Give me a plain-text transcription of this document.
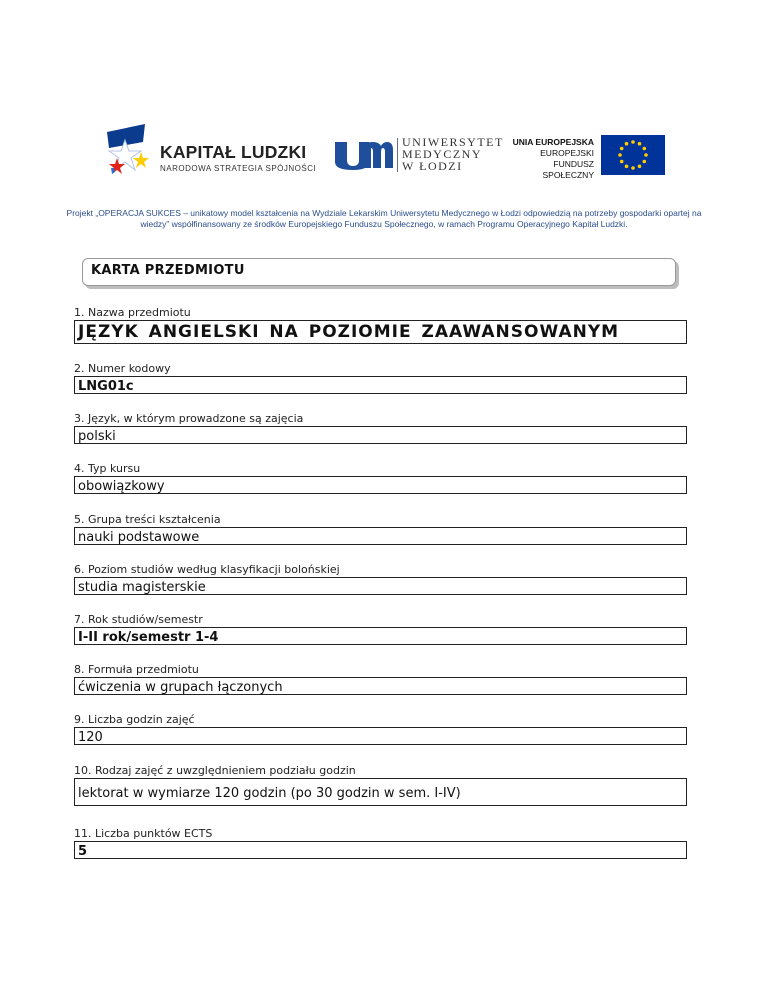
KAPITAŁ LUDZKI
NARODOWA STRATEGIA SPÓJNOŚCI
UNIWERSYTET
MEDYCZNY
W ŁODZI
UNIA EUROPEJSKA
EUROPEJSKI
FUNDUSZ SPOŁECZNY
Projekt „OPERACJA SUKCES – unikatowy model kształcenia na Wydziale Lekarskim Uniwersytetu Medycznego w Łodzi odpowiedzią na potrzeby gospodarki opartej na wiedzy” współfinansowany ze środków Europejskiego Funduszu Społecznego, w ramach Programu Operacyjnego Kapitał Ludzki.
KARTA PRZEDMIOTU
1. Nazwa przedmiotu
JĘZYK ANGIELSKI NA POZIOMIE ZAAWANSOWANYM
2. Numer kodowy
LNG01c
3. Język, w którym prowadzone są zajęcia
polski
4. Typ kursu
obowiązkowy
5. Grupa treści kształcenia
nauki podstawowe
6. Poziom studiów według klasyfikacji bolońskiej
studia magisterskie
7. Rok studiów/semestr
I-II rok/semestr 1-4
8. Formuła przedmiotu
ćwiczenia w grupach łączonych
9. Liczba godzin zajęć
120
10. Rodzaj zajęć z uwzględnieniem podziału godzin
lektorat w wymiarze 120 godzin (po 30 godzin w sem. I-IV)
11. Liczba punktów ECTS
5
